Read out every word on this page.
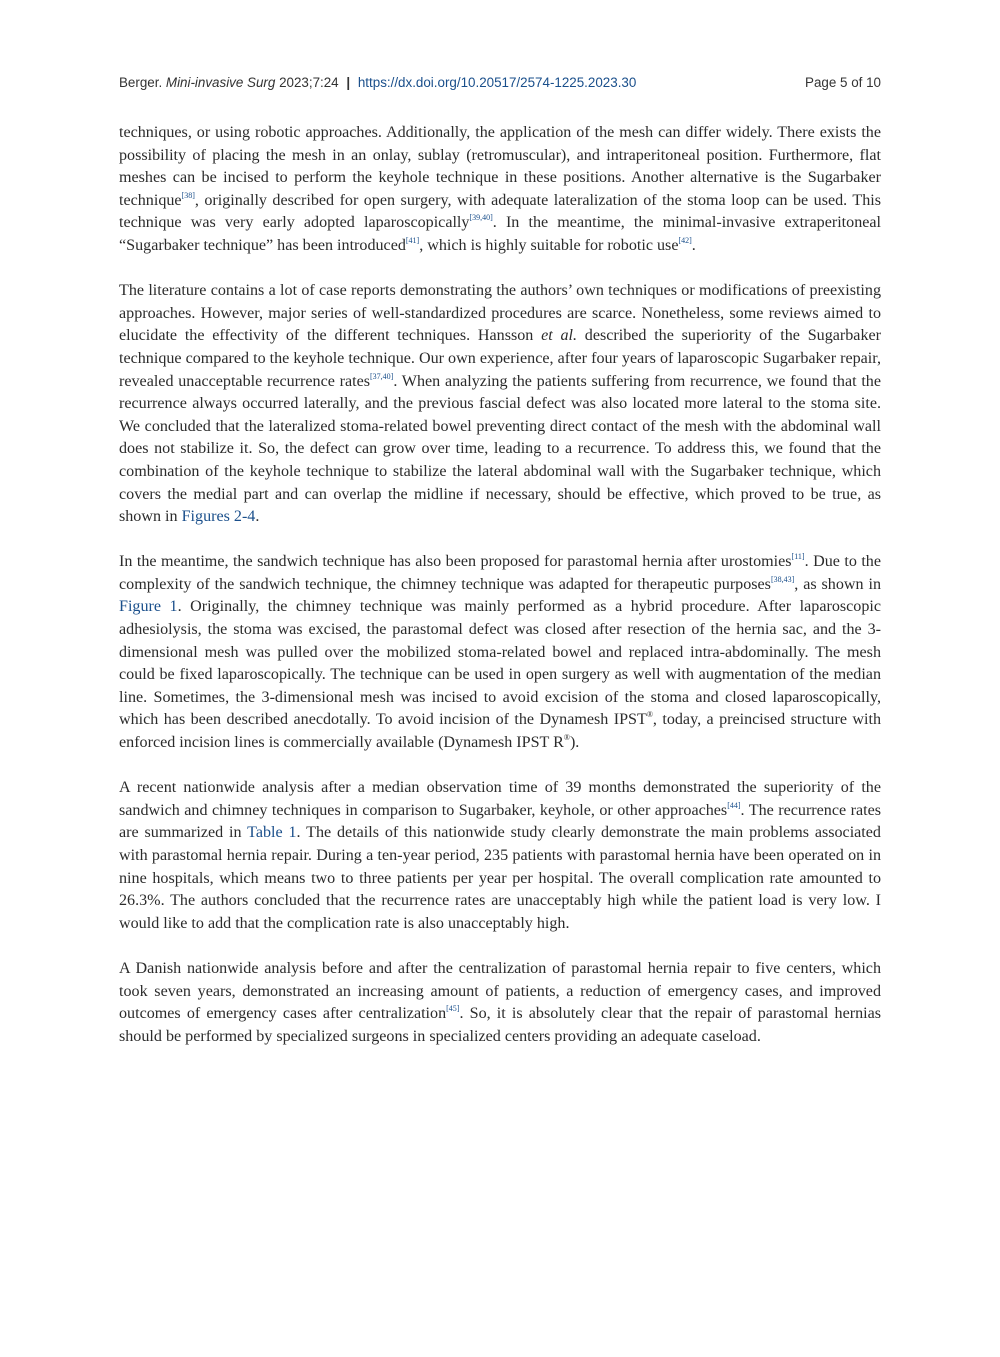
Berger. Mini-invasive Surg 2023;7:24 | https://dx.doi.org/10.20517/2574-1225.2023.30	Page 5 of 10

techniques, or using robotic approaches. Additionally, the application of the mesh can differ widely. There exists the possibility of placing the mesh in an onlay, sublay (retromuscular), and intraperitoneal position. Furthermore, flat meshes can be incised to perform the keyhole technique in these positions. Another alternative is the Sugarbaker technique[38], originally described for open surgery, with adequate lateralization of the stoma loop can be used. This technique was very early adopted laparoscopically[39,40]. In the meantime, the minimal-invasive extraperitoneal “Sugarbaker technique” has been introduced[41], which is highly suitable for robotic use[42].

The literature contains a lot of case reports demonstrating the authors’ own techniques or modifications of preexisting approaches. However, major series of well-standardized procedures are scarce. Nonetheless, some reviews aimed to elucidate the effectivity of the different techniques. Hansson et al. described the superiority of the Sugarbaker technique compared to the keyhole technique. Our own experience, after four years of laparoscopic Sugarbaker repair, revealed unacceptable recurrence rates[37,40]. When analyzing the patients suffering from recurrence, we found that the recurrence always occurred laterally, and the previous fascial defect was also located more lateral to the stoma site. We concluded that the lateralized stoma-related bowel preventing direct contact of the mesh with the abdominal wall does not stabilize it. So, the defect can grow over time, leading to a recurrence. To address this, we found that the combination of the keyhole technique to stabilize the lateral abdominal wall with the Sugarbaker technique, which covers the medial part and can overlap the midline if necessary, should be effective, which proved to be true, as shown in Figures 2-4.

In the meantime, the sandwich technique has also been proposed for parastomal hernia after urostomies[11]. Due to the complexity of the sandwich technique, the chimney technique was adapted for therapeutic purposes[38,43], as shown in Figure 1. Originally, the chimney technique was mainly performed as a hybrid procedure. After laparoscopic adhesiolysis, the stoma was excised, the parastomal defect was closed after resection of the hernia sac, and the 3-dimensional mesh was pulled over the mobilized stoma-related bowel and replaced intra-abdominally. The mesh could be fixed laparoscopically. The technique can be used in open surgery as well with augmentation of the median line. Sometimes, the 3-dimensional mesh was incised to avoid excision of the stoma and closed laparoscopically, which has been described anecdotally. To avoid incision of the Dynamesh IPST®, today, a preincised structure with enforced incision lines is commercially available (Dynamesh IPST R®).

A recent nationwide analysis after a median observation time of 39 months demonstrated the superiority of the sandwich and chimney techniques in comparison to Sugarbaker, keyhole, or other approaches[44]. The recurrence rates are summarized in Table 1. The details of this nationwide study clearly demonstrate the main problems associated with parastomal hernia repair. During a ten-year period, 235 patients with parastomal hernia have been operated on in nine hospitals, which means two to three patients per year per hospital. The overall complication rate amounted to 26.3%. The authors concluded that the recurrence rates are unacceptably high while the patient load is very low. I would like to add that the complication rate is also unacceptably high.

A Danish nationwide analysis before and after the centralization of parastomal hernia repair to five centers, which took seven years, demonstrated an increasing amount of patients, a reduction of emergency cases, and improved outcomes of emergency cases after centralization[45]. So, it is absolutely clear that the repair of parastomal hernias should be performed by specialized surgeons in specialized centers providing an adequate caseload.
